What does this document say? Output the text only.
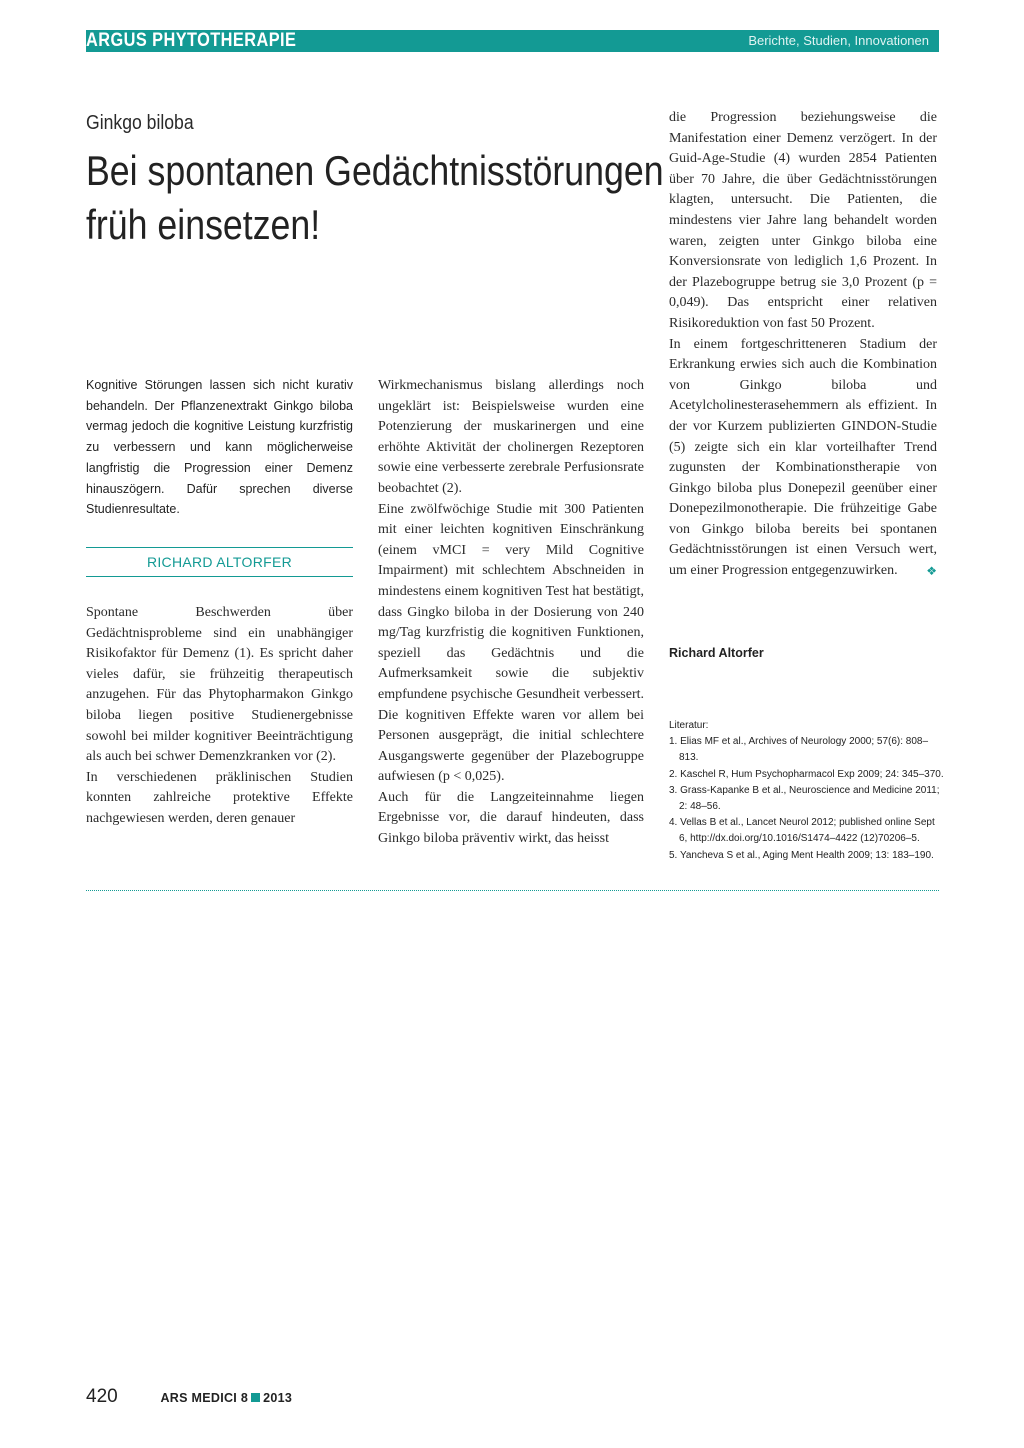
ARGUS PHYTOTHERAPIE	Berichte, Studien, Innovationen
Ginkgo biloba
Bei spontanen Gedächtnisstörungen
früh einsetzen!

Kognitive Störungen lassen sich nicht kurativ behandeln. Der Pflanzenextrakt Ginkgo biloba vermag jedoch die kognitive Leistung kurzfristig zu verbessern und kann möglicherweise langfristig die Progression einer Demenz hinauszögern. Dafür sprechen diverse Studienresultate.

RICHARD ALTORFER

Spontane Beschwerden über Gedächtnisprobleme sind ein unabhängiger Risikofaktor für Demenz (1). Es spricht daher vieles dafür, sie frühzeitig therapeutisch anzugehen. Für das Phytopharmakon Ginkgo biloba liegen positive Studienergebnisse sowohl bei milder kognitiver Beeinträchtigung als auch bei schwer Demenzkranken vor (2).

In verschiedenen präklinischen Studien konnten zahlreiche protektive Effekte nachgewiesen werden, deren genauer

Wirkmechanismus bislang allerdings noch ungeklärt ist: Beispielsweise wurden eine Potenzierung der muskarinergen und eine erhöhte Aktivität der cholinergen Rezeptoren sowie eine verbesserte zerebrale Perfusionsrate beobachtet (2).

Eine zwölfwöchige Studie mit 300 Patienten mit einer leichten kognitiven Einschränkung (einem vMCI = very Mild Cognitive Impairment) mit schlechtem Abschneiden in mindestens einem kognitiven Test hat bestätigt, dass Gingko biloba in der Dosierung von 240 mg/Tag kurzfristig die kognitiven Funktionen, speziell das Gedächtnis und die Aufmerksamkeit sowie die subjektiv empfundene psychische Gesundheit verbessert. Die kognitiven Effekte waren vor allem bei Personen ausgeprägt, die initial schlechtere Ausgangswerte gegenüber der Plazebogruppe aufwiesen (p < 0,025).

Auch für die Langzeiteinnahme liegen Ergebnisse vor, die darauf hindeuten, dass Ginkgo biloba präventiv wirkt, das heisst

die Progression beziehungsweise die Manifestation einer Demenz verzögert. In der Guid-Age-Studie (4) wurden 2854 Patienten über 70 Jahre, die über Gedächtnisstörungen klagten, untersucht. Die Patienten, die mindestens vier Jahre lang behandelt worden waren, zeigten unter Ginkgo biloba eine Konversionsrate von lediglich 1,6 Prozent. In der Plazebogruppe betrug sie 3,0 Prozent (p = 0,049). Das entspricht einer relativen Risikoreduktion von fast 50 Prozent.

In einem fortgeschritteneren Stadium der Erkrankung erwies sich auch die Kombination von Ginkgo biloba und Acetylcholinesterasehemmern als effizient. In der vor Kurzem publizierten GINDON-Studie (5) zeigte sich ein klar vorteilhafter Trend zugunsten der Kombinationstherapie von Ginkgo biloba plus Donepezil geenüber einer Donepezilmonotherapie. Die frühzeitige Gabe von Ginkgo biloba bereits bei spontanen Gedächtnisstörungen ist einen Versuch wert, um einer Progression entgegenzuwirken. ❖

Richard Altorfer
Literatur:
1. Elias MF et al., Archives of Neurology 2000; 57(6): 808–813.
2. Kaschel R, Hum Psychopharmacol Exp 2009; 24: 345–370.
3. Grass-Kapanke B et al., Neuroscience and Medicine 2011; 2: 48–56.
4. Vellas B et al., Lancet Neurol 2012; published online Sept 6, http://dx.doi.org/10.1016/S1474–4422 (12)70206–5.
5. Yancheva S et al., Aging Ment Health 2009; 13: 183–190.
420	ARS MEDICI 8 2013
